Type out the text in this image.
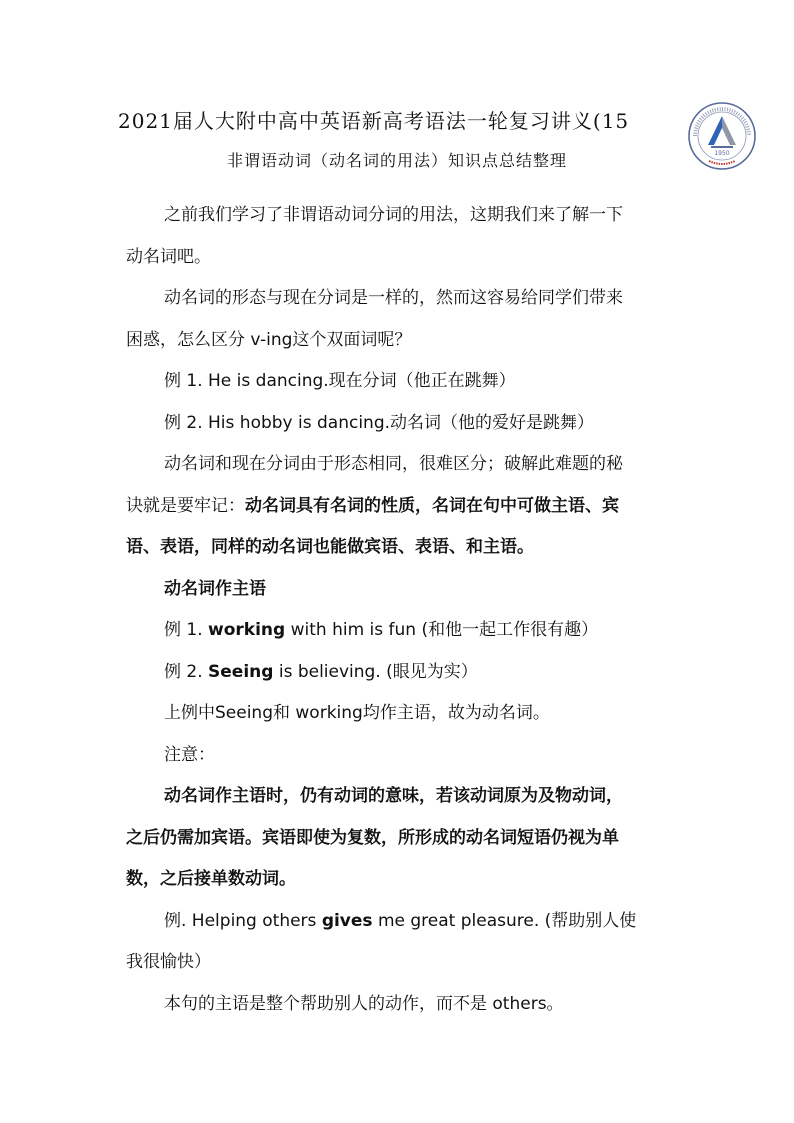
2021届人大附中高中英语新高考语法一轮复习讲义(15
1950
非谓语动词（动名词的用法）知识点总结整理

之前我们学习了非谓语动词分词的用法，这期我们来了解一下
动名词吧。

动名词的形态与现在分词是一样的，然而这容易给同学们带来
困惑，怎么区分 v-ing这个双面词呢？

例 1. He is dancing.现在分词（他正在跳舞）

例 2. His hobby is dancing.动名词（他的爱好是跳舞）

动名词和现在分词由于形态相同，很难区分；破解此难题的秘
诀就是要牢记：动名词具有名词的性质，名词在句中可做主语、宾
语、表语，同样的动名词也能做宾语、表语、和主语。

动名词作主语

例 1. working with him is fun (和他一起工作很有趣）

例 2. Seeing is believing. (眼见为实）

上例中Seeing和 working均作主语，故为动名词。

注意：

动名词作主语时，仍有动词的意味，若该动词原为及物动词，
之后仍需加宾语。宾语即使为复数，所形成的动名词短语仍视为单
数，之后接单数动词。

例. Helping others gives me great pleasure. (帮助别人使
我很愉快）

本句的主语是整个帮助别人的动作，而不是 others。
